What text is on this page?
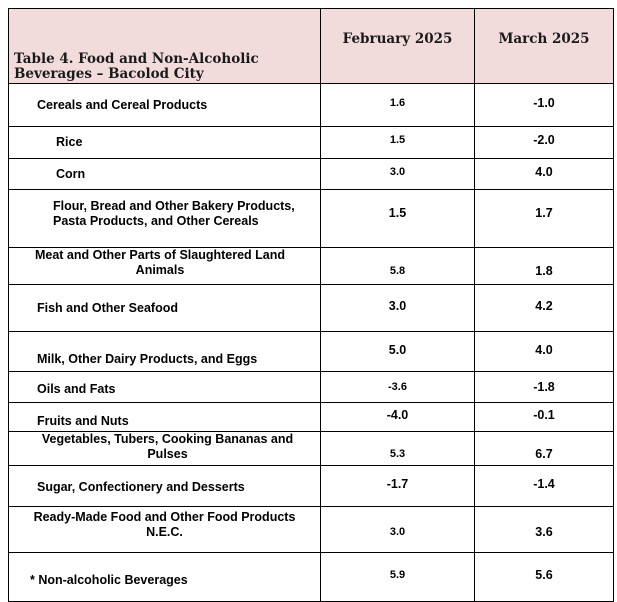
Table 4. Food and Non-Alcoholic Beverages – Bacolod City	February 2025	March 2025
Cereals and Cereal Products	1.6	-1.0

Rice	1.5	-2.0

Corn	3.0	4.0

Flour, Bread and Other Bakery Products, Pasta Products, and Other Cereals	1.5	1.7

Meat and Other Parts of Slaughtered Land Animals	5.8	1.8

Fish and Other Seafood	3.0	4.2

Milk, Other Dairy Products, and Eggs	5.0	4.0

Oils and Fats	-3.6	-1.8

Fruits and Nuts	-4.0	-0.1

Vegetables, Tubers, Cooking Bananas and Pulses	5.3	6.7

Sugar, Confectionery and Desserts	-1.7	-1.4

Ready-Made Food and Other Food Products N.E.C.	3.0	3.6

* Non-alcoholic Beverages	5.9	5.6
